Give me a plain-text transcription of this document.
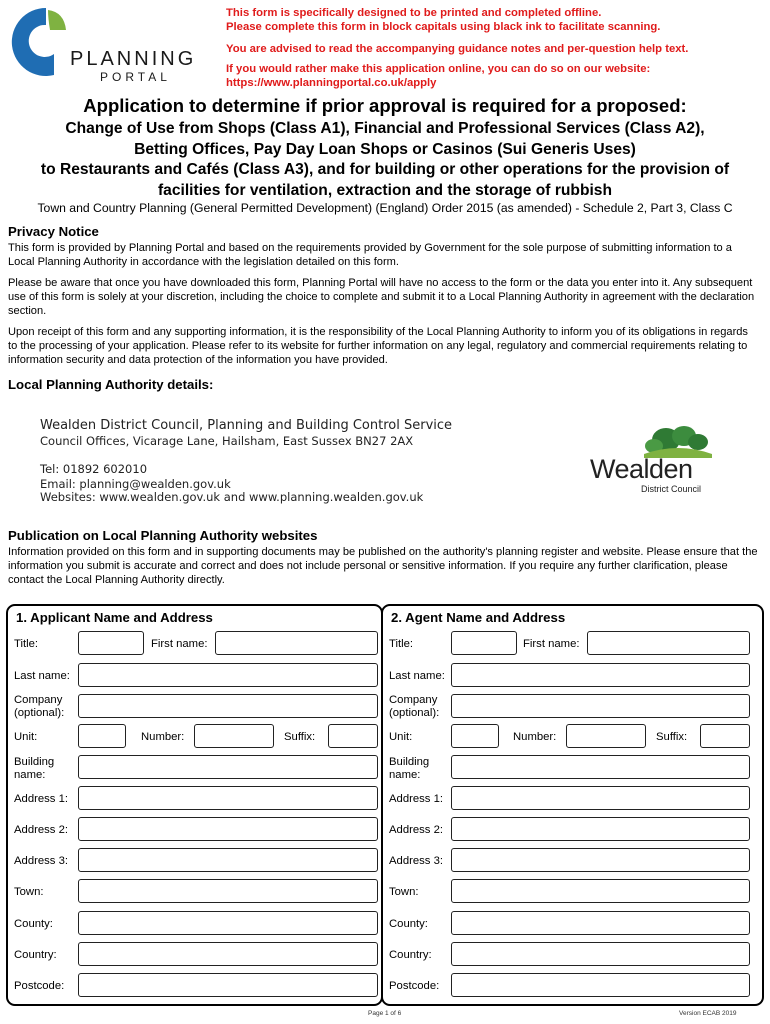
PLANNING
PORTAL
This form is specifically designed to be printed and completed offline.
Please complete this form in block capitals using black ink to facilitate scanning.
You are advised to read the accompanying guidance notes and per-question help text.
If you would rather make this application online, you can do so on our website:
https://www.planningportal.co.uk/apply
Application to determine if prior approval is required for a proposed:
Change of Use from Shops (Class A1), Financial and Professional Services (Class A2),
Betting Offices, Pay Day Loan Shops or Casinos (Sui Generis Uses)
to Restaurants and Cafés (Class A3), and for building or other operations for the provision of
facilities for ventilation, extraction and the storage of rubbish
Town and Country Planning (General Permitted Development) (England) Order 2015 (as amended) - Schedule 2, Part 3, Class C
Privacy Notice
This form is provided by Planning Portal and based on the requirements provided by Government for the sole purpose of submitting information to a Local Planning Authority in accordance with the legislation detailed on this form.
Please be aware that once you have downloaded this form, Planning Portal will have no access to the form or the data you enter into it. Any subsequent use of this form is solely at your discretion, including the choice to complete and submit it to a Local Planning Authority in agreement with the declaration section.
Upon receipt of this form and any supporting information, it is the responsibility of the Local Planning Authority to inform you of its obligations in regards to the processing of your application. Please refer to its website for further information on any legal, regulatory and commercial requirements relating to information security and data protection of the information you have provided.
Local Planning Authority details:
Wealden District Council, Planning and Building Control Service
Council Offices, Vicarage Lane, Hailsham, East Sussex BN27 2AX
Tel: 01892 602010
Email: planning@wealden.gov.uk
Websites: www.wealden.gov.uk and www.planning.wealden.gov.uk
Wealden
District Council
Publication on Local Planning Authority websites
Information provided on this form and in supporting documents may be published on the authority's planning register and website. Please ensure that the information you submit is accurate and correct and does not include personal or sensitive information. If you require any further clarification, please contact the Local Planning Authority directly.
1. Applicant Name and Address
Title:	First name:
Last name:
Company
(optional):
Unit:	Number:	Suffix:
Building
name:
Address 1:
Address 2:
Address 3:
Town:
County:
Country:
Postcode:
2. Agent Name and Address
Title:	First name:
Last name:
Company
(optional):
Unit:	Number:	Suffix:
Building
name:
Address 1:
Address 2:
Address 3:
Town:
County:
Country:
Postcode:
Page 1 of 6	Version ECAB 2019
